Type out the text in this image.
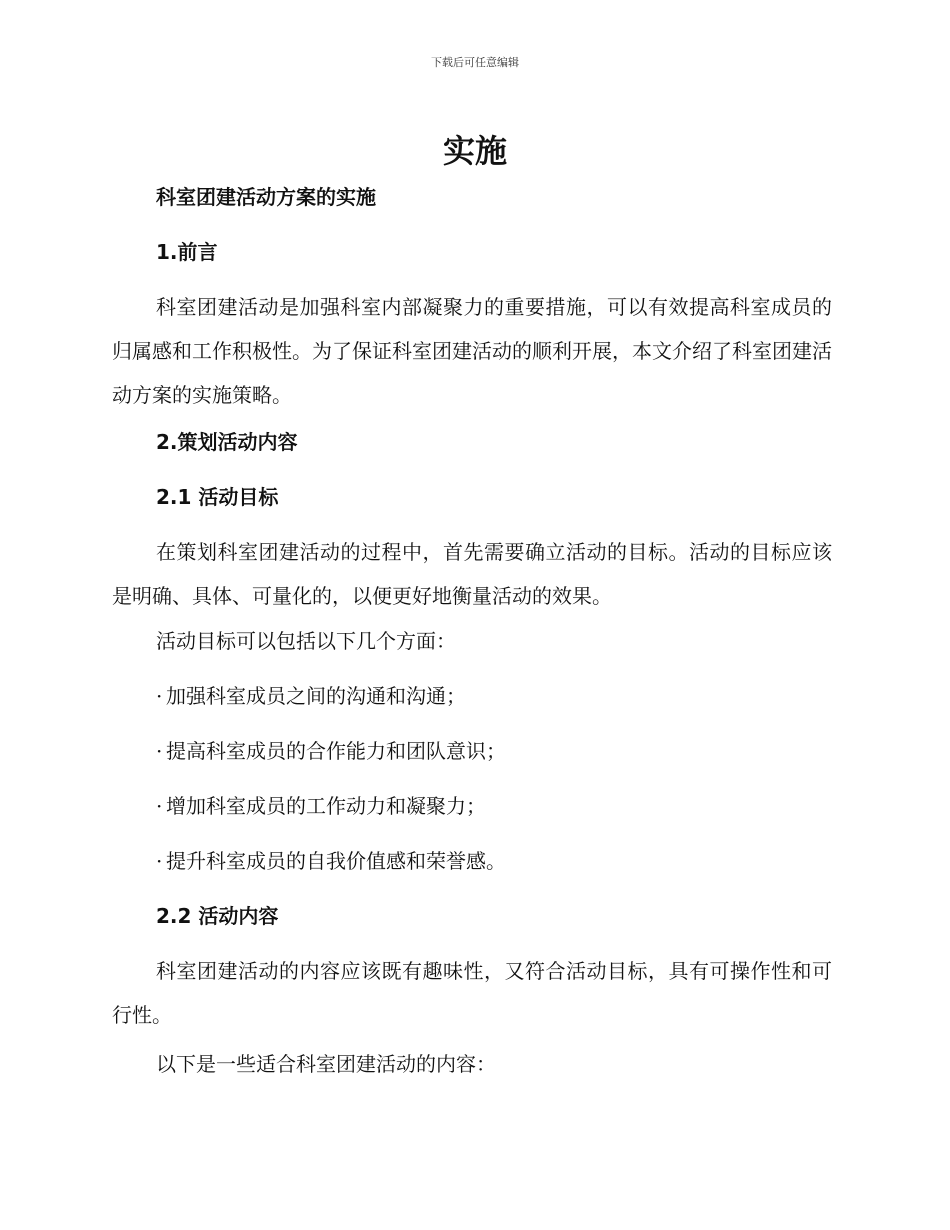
下载后可任意编辑
实施
科室团建活动方案的实施
1.前言

科室团建活动是加强科室内部凝聚力的重要措施，可以有效提高科室成员的归属感和工作积极性。为了保证科室团建活动的顺利开展，本文介绍了科室团建活动方案的实施策略。

2.策划活动内容
2.1 活动目标

在策划科室团建活动的过程中，首先需要确立活动的目标。活动的目标应该是明确、具体、可量化的，以便更好地衡量活动的效果。

活动目标可以包括以下几个方面：
· 加强科室成员之间的沟通和沟通；
· 提高科室成员的合作能力和团队意识；
· 增加科室成员的工作动力和凝聚力；
· 提升科室成员的自我价值感和荣誉感。
2.2 活动内容

科室团建活动的内容应该既有趣味性，又符合活动目标，具有可操作性和可行性。

以下是一些适合科室团建活动的内容：
